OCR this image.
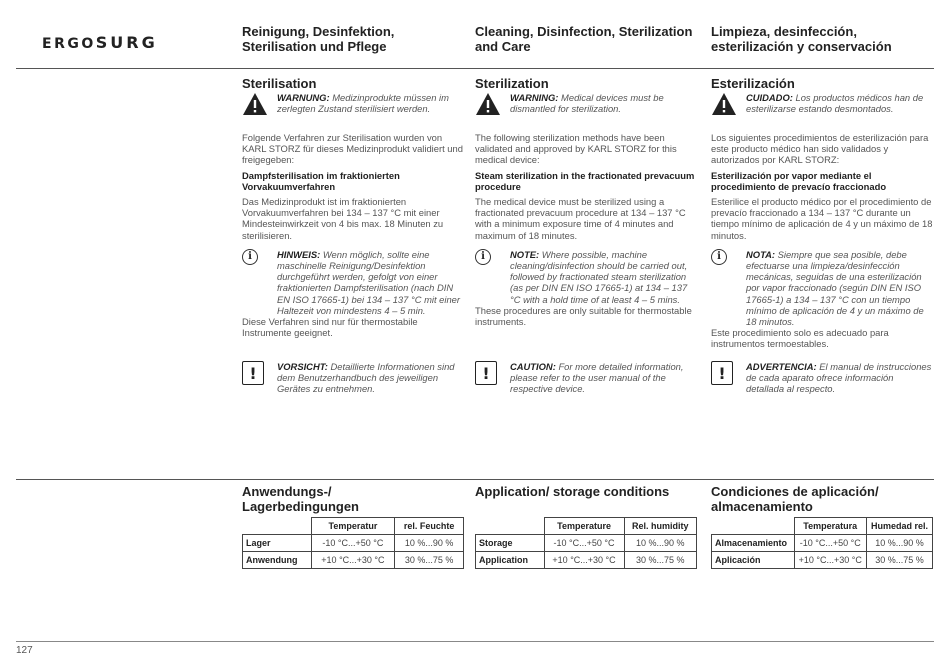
ERGOSURG
Reinigung, Desinfektion, Sterilisation und Pflege
Cleaning, Disinfection, Sterilization and Care
Limpieza, desinfección, esterilización y conservación
Sterilisation
WARNUNG: Medizinprodukte müssen im zerlegten Zustand sterilisiert werden.
Folgende Verfahren zur Sterilisation wurden von KARL STORZ für dieses Medizinprodukt validiert und freigegeben:
Dampfsterilisation im fraktionierten Vorvakuumverfahren
Das Medizinprodukt ist im fraktionierten Vorvakuumverfahren bei 134 – 137 °C mit einer Mindesteinwirkzeit von 4 bis max. 18 Minuten zu sterilisieren.
i	HINWEIS: Wenn möglich, sollte eine maschinelle Reinigung/Desinfektion durchgeführt werden, gefolgt von einer fraktionierten Dampfsterilisation (nach DIN EN ISO 17665-1) bei 134 – 137 °C mit einer Haltezeit von mindestens 4 – 5 min.
Diese Verfahren sind nur für thermostabile Instrumente geeignet.
!	VORSICHT: Detaillierte Informationen sind dem Benutzerhandbuch des jeweiligen Gerätes zu entnehmen.
Sterilization
WARNING: Medical devices must be dismantled for sterilization.
The following sterilization methods have been validated and approved by KARL STORZ for this medical device:
Steam sterilization in the fractionated prevacuum procedure
The medical device must be sterilized using a fractionated prevacuum procedure at 134 – 137 °C with a minimum exposure time of 4 minutes and maximum of 18 minutes.
i	NOTE: Where possible, machine cleaning/disinfection should be carried out, followed by fractionated steam sterilization (as per DIN EN ISO 17665-1) at 134 – 137 °C with a hold time of at least 4 – 5 mins.
These procedures are only suitable for thermostable instruments.
!	CAUTION: For more detailed information, please refer to the user manual of the respective device.
Esterilización
CUIDADO: Los productos médicos han de esterilizarse estando desmontados.
Los siguientes procedimientos de esterilización para este producto médico han sido validados y autorizados por KARL STORZ:
Esterilización por vapor mediante el procedimiento de prevacío fraccionado
Esterilice el producto médico por el procedimiento de prevacío fraccionado a 134 – 137 °C durante un tiempo mínimo de aplicación de 4 y un máximo de 18 minutos.
i	NOTA: Siempre que sea posible, debe efectuarse una limpieza/desinfección mecánicas, seguidas de una esterilización por vapor fraccionado (según DIN EN ISO 17665-1) a 134 – 137 °C con un tiempo mínimo de aplicación de 4 y un máximo de 18 minutos.
Este procedimiento solo es adecuado para instrumentos termoestables.
!	ADVERTENCIA: El manual de instrucciones de cada aparato ofrece información detallada al respecto.
Anwendungs-/ Lagerbedingungen
Application/ storage conditions	Condiciones de aplicación/ almacenamiento
	Temperatur	rel. Feuchte
Lager	-10 °C...+50 °C	10 %...90 %
Anwendung	+10 °C...+30 °C	30 %...75 %
	Temperature	Rel. humidity
Storage	-10 °C...+50 °C	10 %...90 %
Application	+10 °C...+30 °C	30 %...75 %
	Temperatura	Humedad rel.
Almacenamiento	-10 °C...+50 °C	10 %...90 %
Aplicación	+10 °C...+30 °C	30 %...75 %
127
